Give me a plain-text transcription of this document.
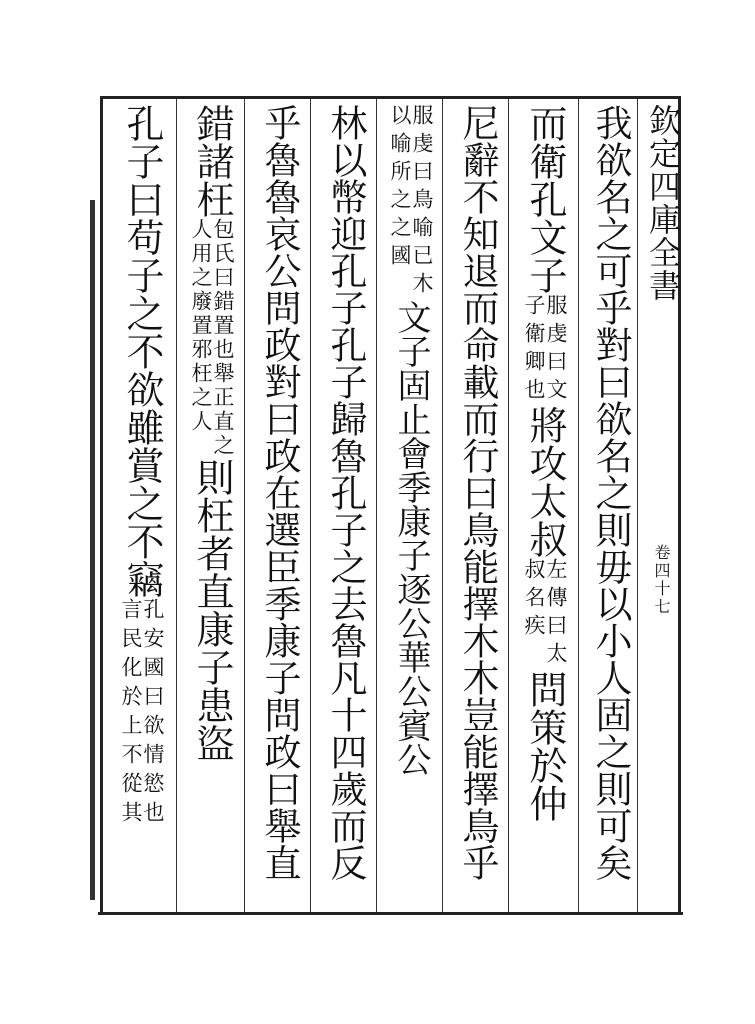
欽定四庫全書
卷四十七
我欲名之可乎對曰欲名之則毋以小人固之則可矣
而衛孔文子
服虔曰文
子衛卿也
將攻太叔
左傳曰太
叔名疾
問策於仲
尼辭不知退而命載而行曰鳥能擇木木豈能擇鳥乎
服虔曰鳥喻已木
以喻所之之國
文子固止會季康子逐公華公賓公
林以幣迎孔子孔子歸魯孔子之去魯凡十四歲而反
乎魯魯哀公問政對曰政在選臣季康子問政曰舉直
錯諸枉
包氏曰錯置也舉正直之
人用之廢置邪枉之人
則枉者直康子患盜
孔子曰苟子之不欲雖賞之不竊
孔安國曰欲情慾也
言民化於上不從其
